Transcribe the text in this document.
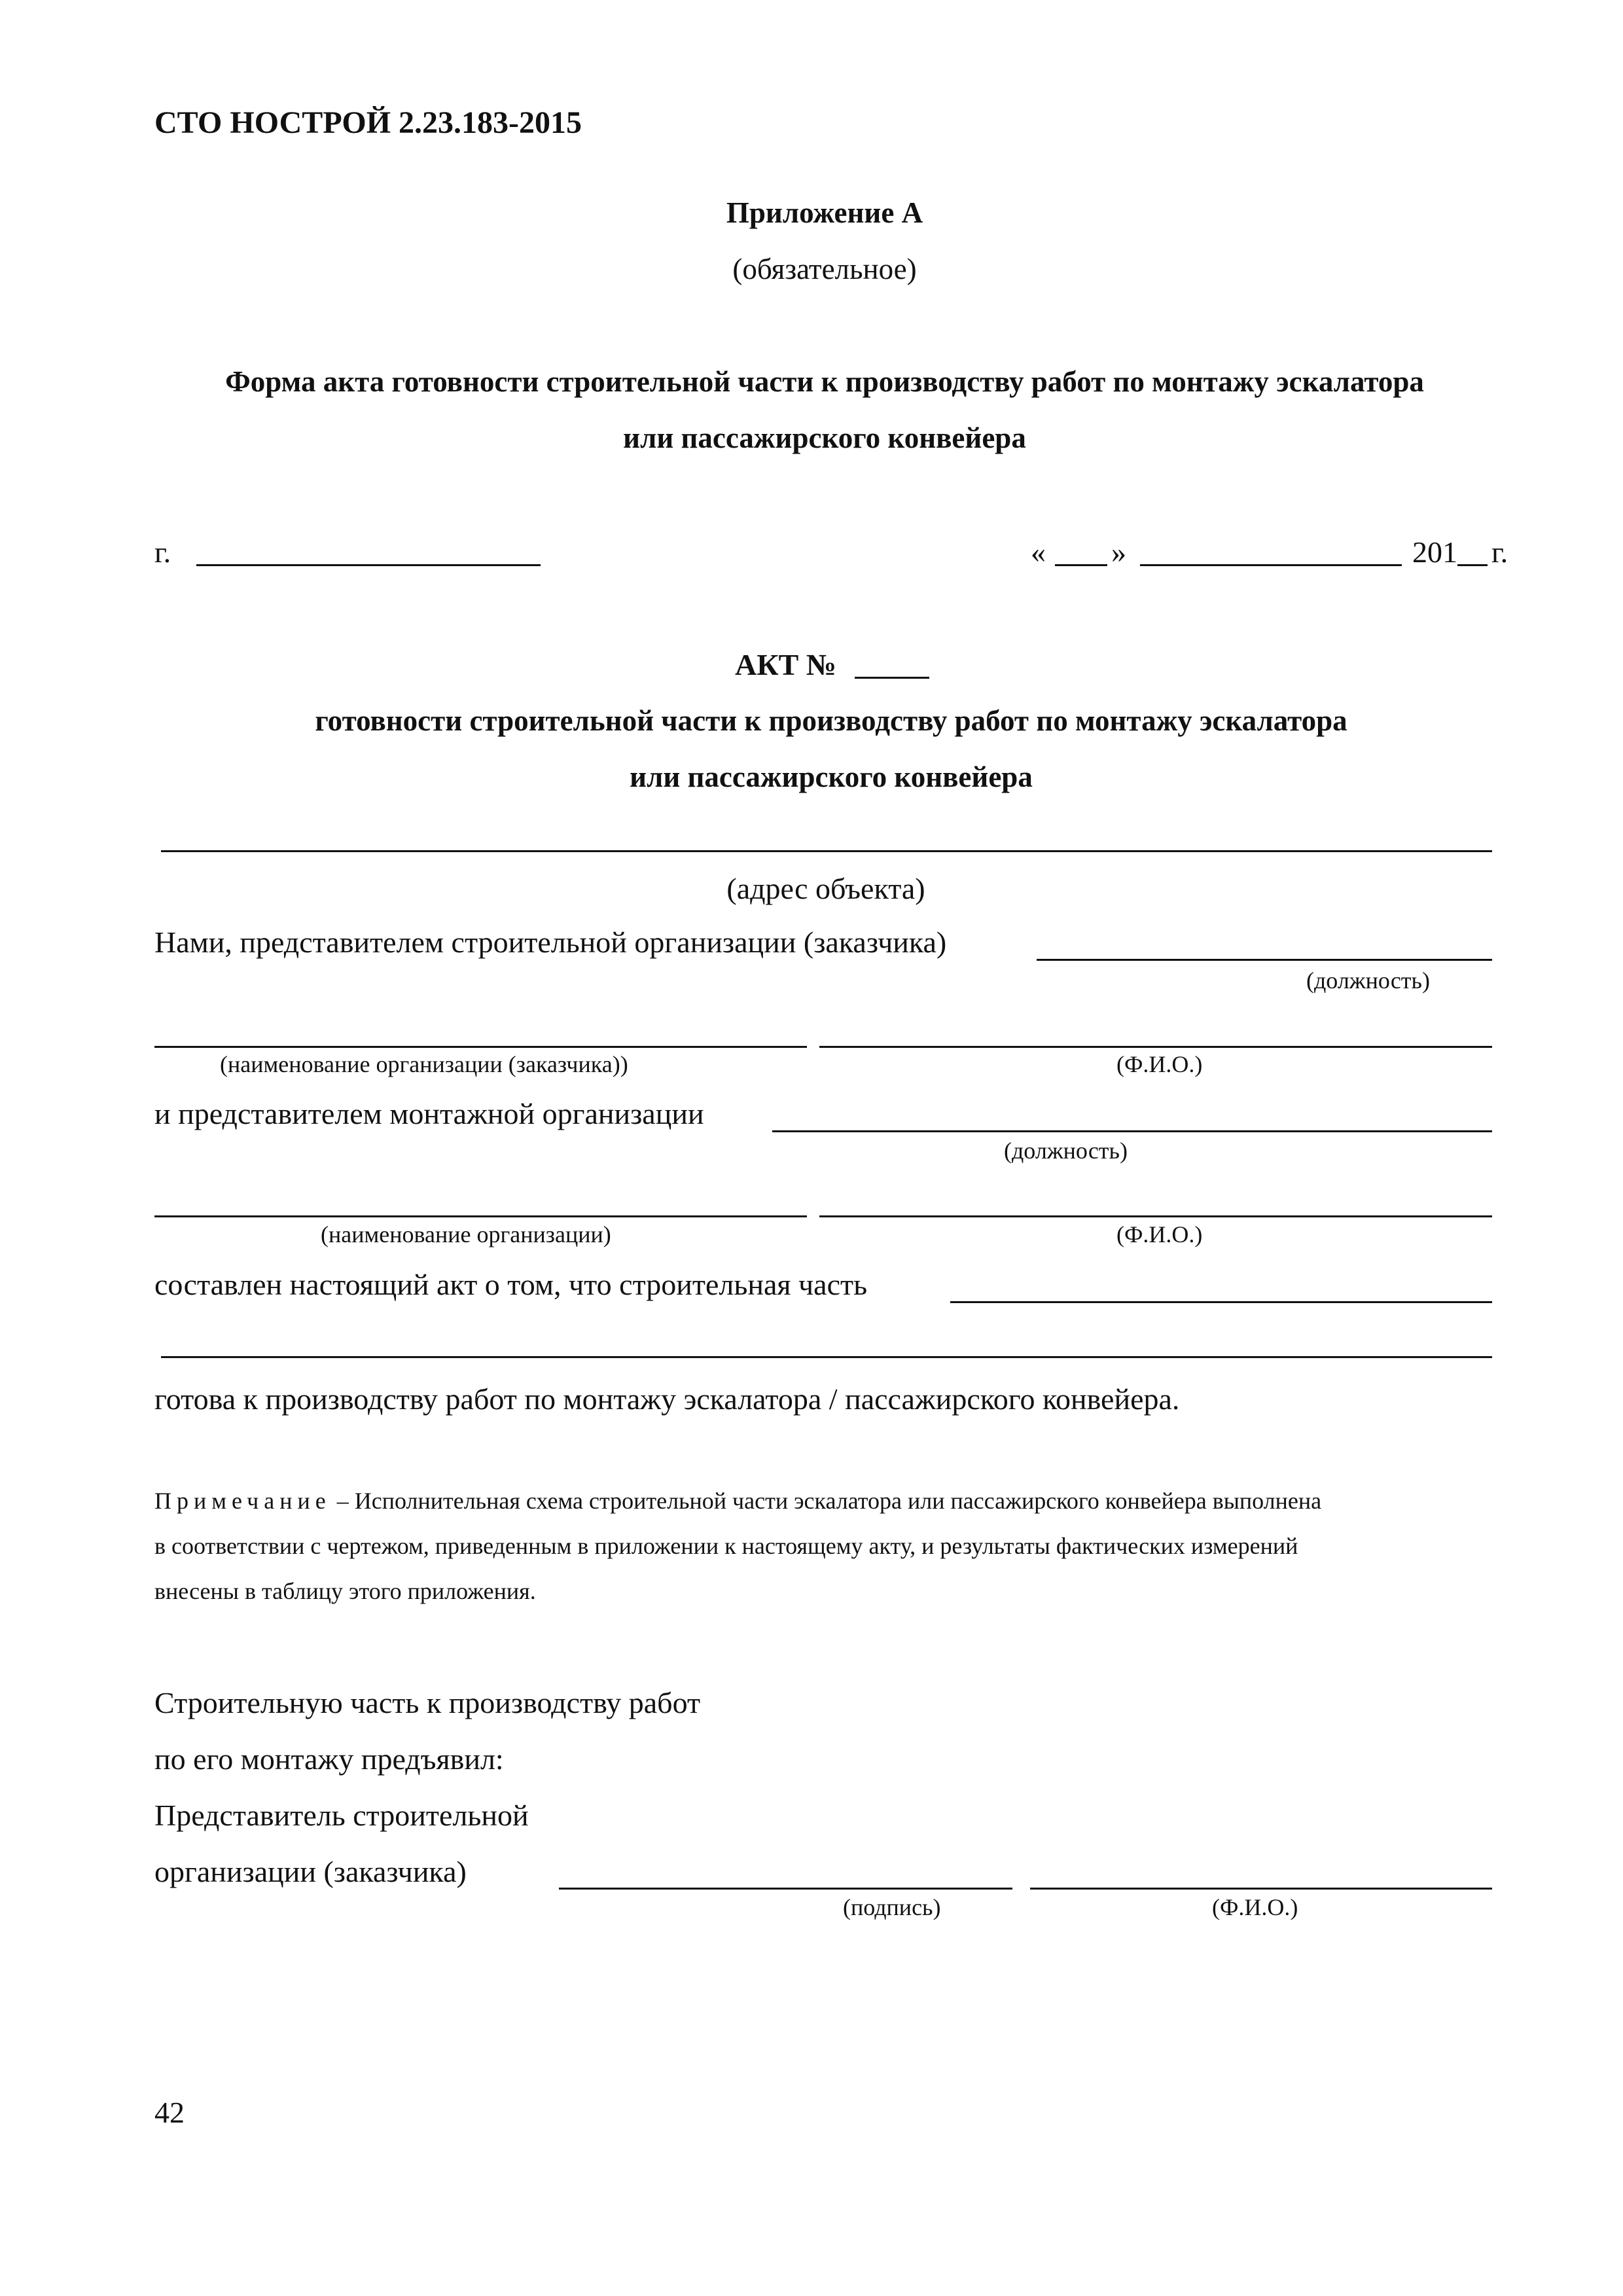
СТО НОСТРОЙ 2.23.183-2015
Приложение А
(обязательное)
Форма акта готовности строительной части к производству работ по монтажу эскалатора
или пассажирского конвейера
г.	« »	201 г.
АКТ №
готовности строительной части к производству работ по монтажу эскалатора
или пассажирского конвейера
(адрес объекта)
Нами, представителем строительной организации (заказчика)
(должность)
(наименование организации (заказчика))	(Ф.И.О.)
и представителем монтажной организации
(должность)
(наименование организации)	(Ф.И.О.)
составлен настоящий акт о том, что строительная часть
готова к производству работ по монтажу эскалатора / пассажирского конвейера.
Примечание – Исполнительная схема строительной части эскалатора или пассажирского конвейера выполнена
в соответствии с чертежом, приведенным в приложении к настоящему акту, и результаты фактических измерений
внесены в таблицу этого приложения.
Строительную часть к производству работ
по его монтажу предъявил:
Представитель строительной
организации (заказчика)
(подпись)	(Ф.И.О.)
42
